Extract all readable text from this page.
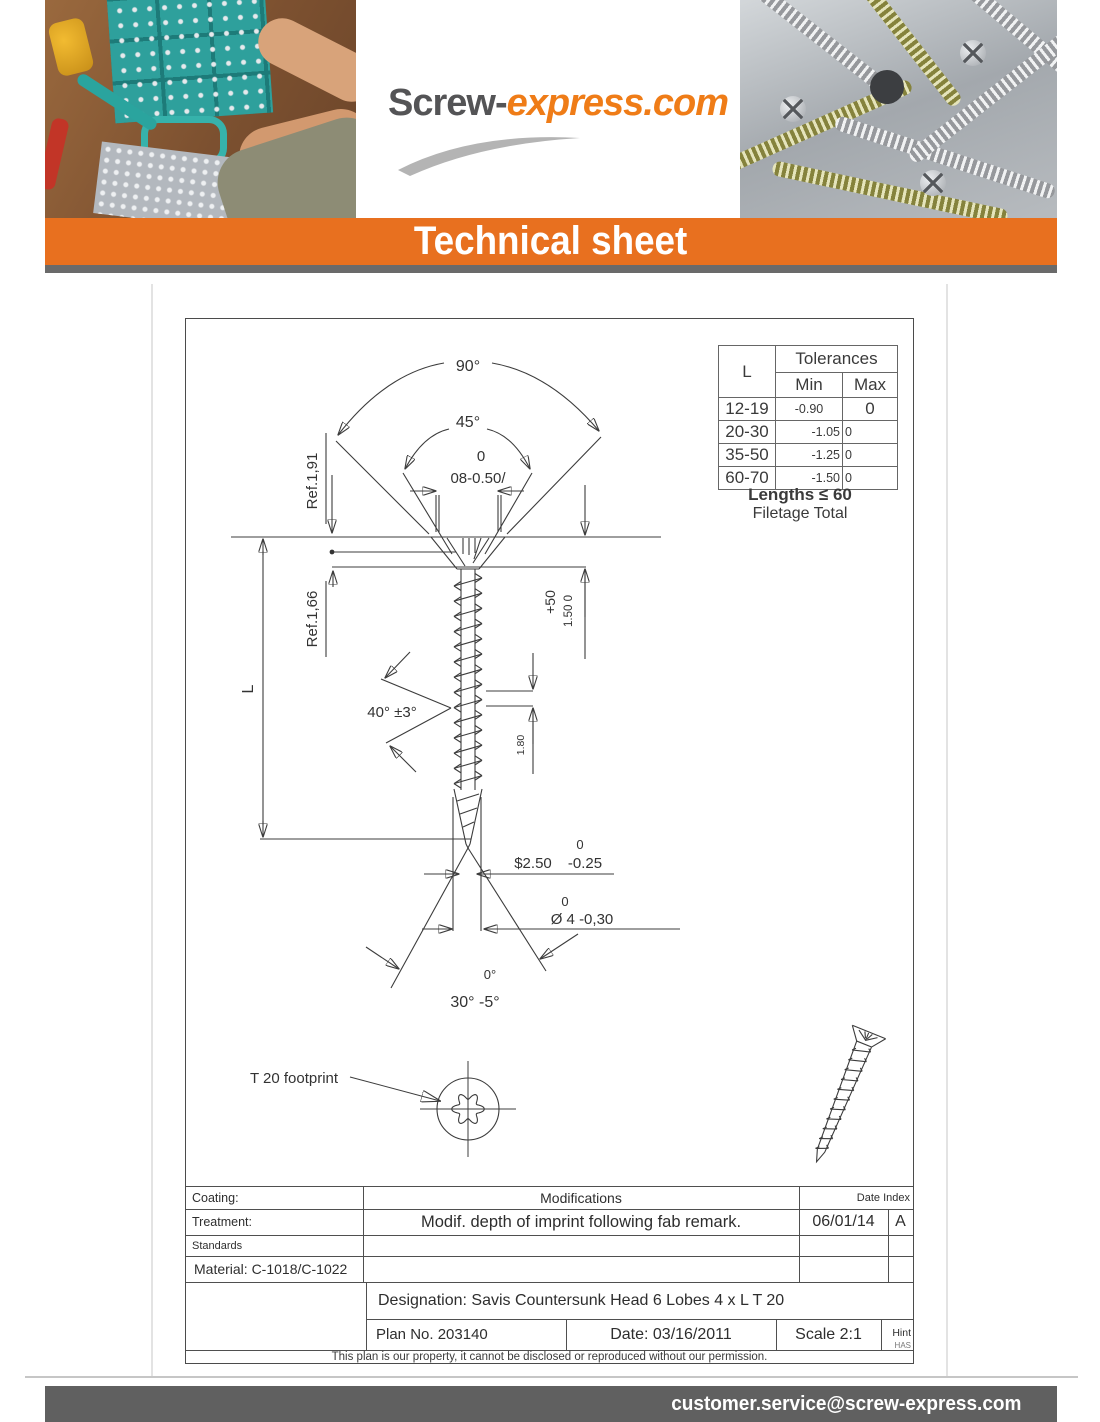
Screw-express.com
Technical sheet
90°
45°
0
08-0.50/
Ref.1,91
Ref.1,66
L
40° ±3°
1.80
+50 1.50 0
$2.50
0
-0.25
0
Ø 4 -0,30
0°
30° -5°
T 20 footprint
L	Tolerances	
	Min	Max
12-19	-0.90	0
20-30	-1.05	0
35-50	-1.25	0
60-70	-1.50	0
Lengths ≤ 60
Filetage Total
Coating:	Modifications	Date Index
Treatment:	Modif. depth of imprint following fab remark.	06/01/14	A
Standards
Material: C-1018/C-1022
Designation: Savis Countersunk Head 6 Lobes 4 x L T 20
Plan No. 203140	Date: 03/16/2011	Scale 2:1	Hint
HAS
This plan is our property, it cannot be disclosed or reproduced without our permission.
customer.service@screw-express.com
